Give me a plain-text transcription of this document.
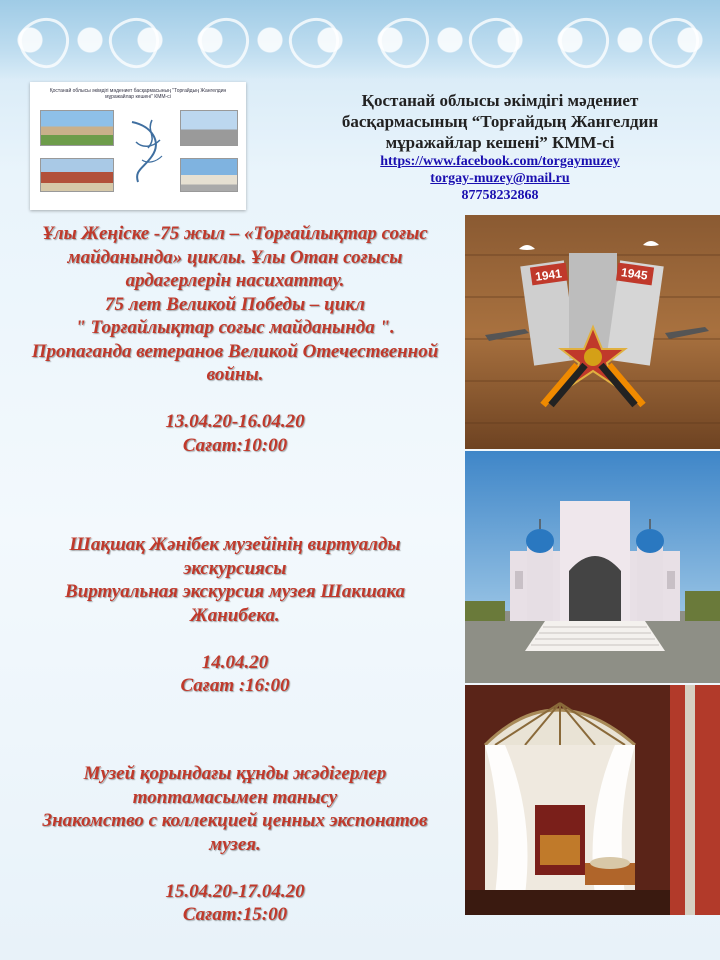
Қостанай облысы әкімдігі мәдениет басқармасының "Торғайдың Жангелдин мұражайлар кешені" КММ-сі	Қостанай облысы әкімдігі мәдениет
басқармасының “Торғайдың Жангелдин
мұражайлар кешені” КММ-сі
https://www.facebook.com/torgaymuzey
torgay-muzey@mail.ru
87758232868
Ұлы Жеңіске -75 жыл – «Торғайлықтар соғыс
майданында» циклы. Ұлы Отан соғысы
ардагерлерін насихаттау.
75 лет Великой Победы – цикл
" Торғайлықтар соғыс майданында ".
Пропаганда ветеранов Великой Отечественной
войны.
13.04.20-16.04.20
Сағат:10:00
Шақшақ Жәнібек музейінің виртуалды
экскурсиясы
Виртуальная экскурсия музея Шакшака
Жанибека.
14.04.20
Сағат :16:00
Музей қорындағы құнды жәдігерлер
топтамасымен танысу
Знакомство с коллекцией ценных экспонатов
музея.
15.04.20-17.04.20
Сағат:15:00
1941	1945
